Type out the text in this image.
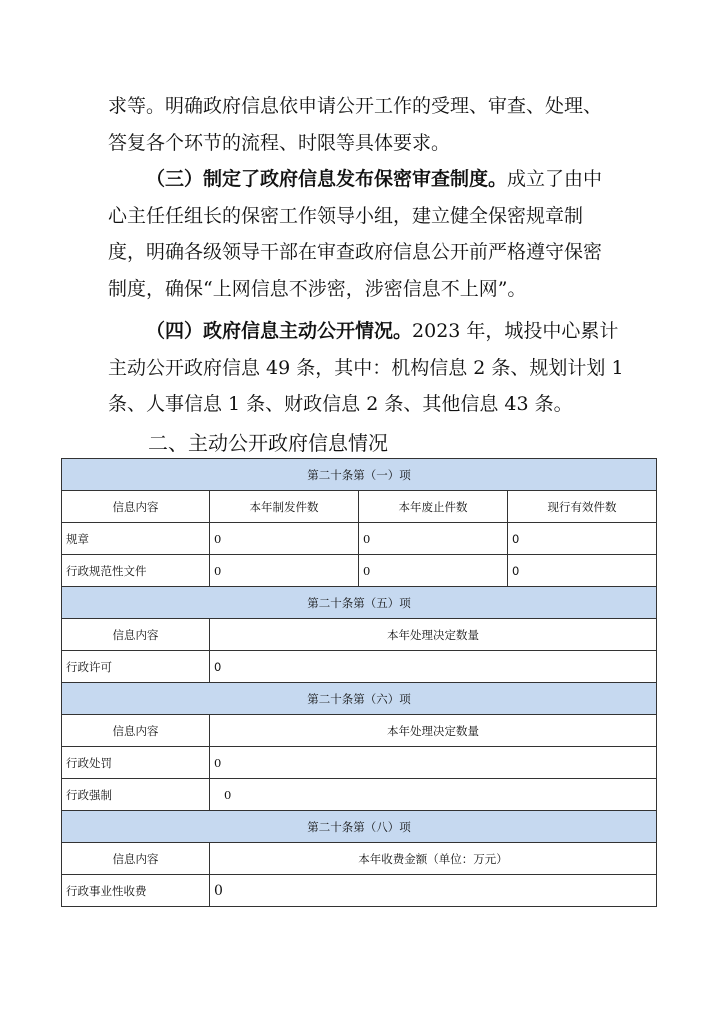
求等。明确政府信息依申请公开工作的受理、审查、处理、
答复各个环节的流程、时限等具体要求。
（三）制定了政府信息发布保密审查制度。成立了由中
心主任任组长的保密工作领导小组，建立健全保密规章制
度，明确各级领导干部在审查政府信息公开前严格遵守保密
制度，确保“上网信息不涉密，涉密信息不上网”。
（四）政府信息主动公开情况。2023 年，城投中心累计
主动公开政府信息 49 条，其中：机构信息 2 条、规划计划 1
条、人事信息 1 条、财政信息 2 条、其他信息 43 条。
二、主动公开政府信息情况
第二十条第（一）项			
信息内容	本年制发件数	本年废止件数	现行有效件数
规章	0	0	0
行政规范性文件	0	0	0
第二十条第（五）项			
信息内容	本年处理决定数量		
行政许可	0		
第二十条第（六）项			
信息内容	本年处理决定数量		
行政处罚	0		
行政强制	0		
第二十条第（八）项			
信息内容	本年收费金额（单位：万元）		
行政事业性收费	0		
